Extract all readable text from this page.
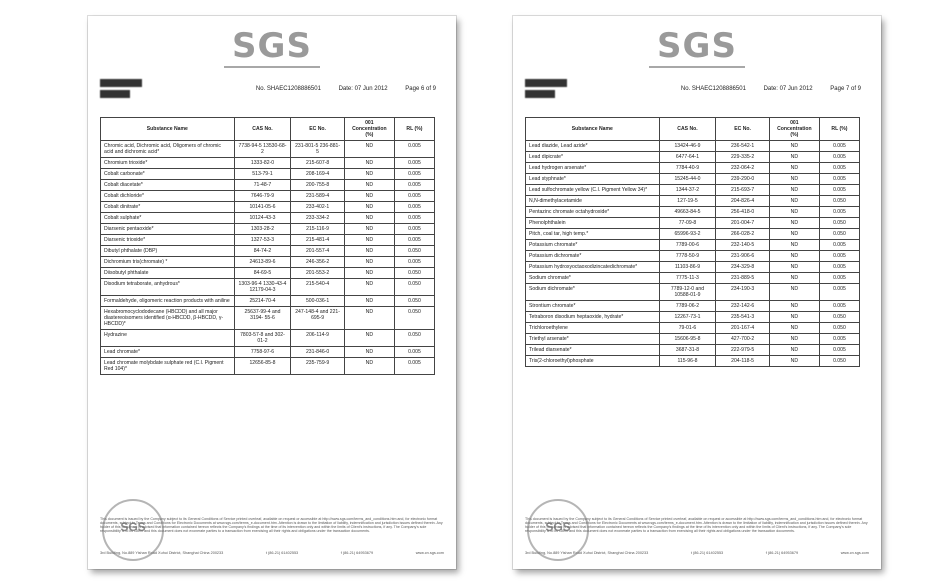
SGS
No. SHAEC1208886501	Date: 07 Jun 2012	Page 6 of 9
Substance Name	CAS No.	EC No.	001 Concentration (%)	RL (%)
Chromic acid, Dichromic acid, Oligomers of chromic acid and dichromic acid*	7738-94-5 13530-68-2	231-801-5 236-881-5	ND	0.005
Chromium trioxide*	1333-82-0	215-607-8	ND	0.005
Cobalt carbonate*	513-79-1	208-169-4	ND	0.005
Cobalt diacetate*	71-48-7	200-755-8	ND	0.005
Cobalt dichloride*	7646-79-9	231-589-4	ND	0.005
Cobalt dinitrate*	10141-05-6	233-402-1	ND	0.005
Cobalt sulphate*	10124-43-3	233-334-2	ND	0.005
Diarsenic pentaoxide*	1303-28-2	215-116-9	ND	0.005
Diarsenic trioxide*	1327-53-3	215-481-4	ND	0.005
Dibutyl phthalate (DBP)	84-74-2	201-557-4	ND	0.050
Dichromium tris(chromate) *	24613-89-6	246-356-2	ND	0.005
Diisobutyl phthalate	84-69-5	201-553-2	ND	0.050
Disodium tetraborate, anhydrous*	1303-96-4 1330-43-4 12179-04-3	215-540-4	ND	0.050
Formaldehyde, oligomeric reaction products with aniline	25214-70-4	500-036-1	ND	0.050
Hexabromocyclododecane (HBCDD) and all major diastereoisomers identified (α-HBCDD, β-HBCDD, γ-HBCDD)*	25637-99-4 and 3194- 55-6	247-148-4 and 221-695-9	ND	0.050
Hydrazine	7803-57-8 and 302-01-2	206-114-9	ND	0.050
Lead chromate*	7758-97-6	231-846-0	ND	0.005
Lead chromate molybdate sulphate red (C.I. Pigment Red 104)*	12656-85-8	235-759-9	ND	0.005
This document is issued by the Company subject to its General Conditions of Service printed overleaf, available on request or accessible at http://www.sgs.com/terms_and_conditions.htm and, for electronic format documents, subject to Terms and Conditions for Electronic Documents at www.sgs.com/terms_e-document.htm. Attention is drawn to the limitation of liability, indemnification and jurisdiction issues defined therein. Any holder of this document is advised that information contained hereon reflects the Company's findings at the time of its intervention only and within the limits of Client's instructions, if any. The Company's sole responsibility is to its Client and this document does not exonerate parties to a transaction from exercising all their rights and obligations under the transaction documents.
3rd Building, No.889 Yishan Road Xuhui District, Shanghai China 200233	t (86-21) 61402553	f (86-21) 64953679	www.cn.sgs.com
SGS
SGS
No. SHAEC1208886501	Date: 07 Jun 2012	Page 7 of 9
Substance Name	CAS No.	EC No.	001 Concentration (%)	RL (%)
Lead diazide, Lead azide*	13424-46-9	236-542-1	ND	0.005
Lead dipicrate*	6477-64-1	229-335-2	ND	0.005
Lead hydrogen arsenate*	7784-40-9	232-064-2	ND	0.005
Lead styphnate*	15245-44-0	239-290-0	ND	0.005
Lead sulfochromate yellow (C.I. Pigment Yellow 34)*	1344-37-2	215-693-7	ND	0.005
N,N-dimethylacetamide	127-19-5	204-826-4	ND	0.050
Pentazinc chromate octahydroxide*	49663-84-5	256-418-0	ND	0.005
Phenolphthalein	77-09-8	201-004-7	ND	0.050
Pitch, coal tar, high temp.*	65996-93-2	266-028-2	ND	0.050
Potassium chromate*	7789-00-6	232-140-5	ND	0.005
Potassium dichromate*	7778-50-9	231-906-6	ND	0.005
Potassium hydroxyoctaoxodizincatedichromate*	11103-86-9	234-329-8	ND	0.005
Sodium chromate*	7775-11-3	231-889-5	ND	0.005
Sodium dichromate*	7789-12-0 and 10588-01-9	234-190-3	ND	0.005
Strontium chromate*	7789-06-2	232-142-6	ND	0.005
Tetraboron disodium heptaoxide, hydrate*	12267-73-1	235-541-3	ND	0.050
Trichloroethylene	79-01-6	201-167-4	ND	0.050
Triethyl arsenate*	15606-95-8	427-700-2	ND	0.005
Trilead diarsenate*	3687-31-8	222-979-5	ND	0.005
Tris(2-chloroethyl)phosphate	115-96-8	204-118-5	ND	0.050
This document is issued by the Company subject to its General Conditions of Service printed overleaf, available on request or accessible at http://www.sgs.com/terms_and_conditions.htm and, for electronic format documents, subject to Terms and Conditions for Electronic Documents at www.sgs.com/terms_e-document.htm. Attention is drawn to the limitation of liability, indemnification and jurisdiction issues defined therein. Any holder of this document is advised that information contained hereon reflects the Company's findings at the time of its intervention only and within the limits of Client's instructions, if any. The Company's sole responsibility is to its Client and this document does not exonerate parties to a transaction from exercising all their rights and obligations under the transaction documents.
3rd Building, No.889 Yishan Road Xuhui District, Shanghai China 200233	t (86-21) 61402553	f (86-21) 64953679	www.cn.sgs.com
SGS
